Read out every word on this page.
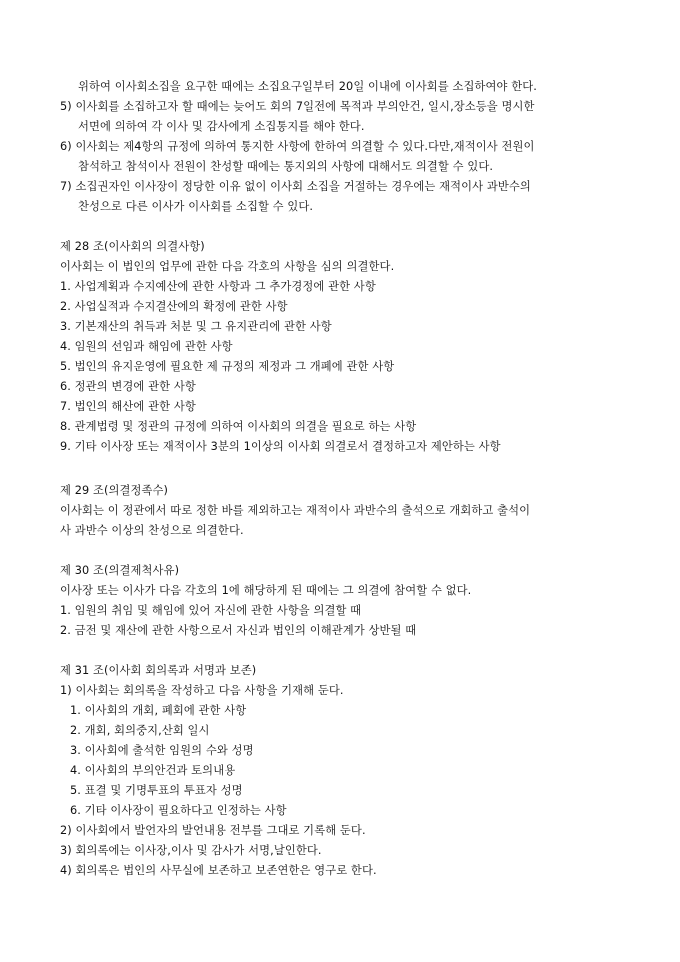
위하여 이사회소집을 요구한 때에는 소집요구일부터 20일 이내에 이사회를 소집하여야 한다.
5) 이사회를 소집하고자 할 때에는 늦어도 회의 7일전에 목적과 부의안건, 일시,장소등을 명시한
서면에 의하여 각 이사 및 감사에게 소집통지를 해야 한다.
6) 이사회는 제4항의 규정에 의하여 통지한 사항에 한하여 의결할 수 있다.다만,재적이사 전원이
참석하고 참석이사 전원이 찬성할 때에는 통지외의 사항에 대해서도 의결할 수 있다.
7) 소집권자인 이사장이 정당한 이유 없이 이사회 소집을 거절하는 경우에는 재적이사 과반수의
찬성으로 다른 이사가 이사회를 소집할 수 있다.
제 28 조(이사회의 의결사항)
이사회는 이 법인의 업무에 관한 다음 각호의 사항을 심의 의결한다.
1. 사업계획과 수지예산에 관한 사항과 그 추가경정에 관한 사항
2. 사업실적과 수지결산에의 확정에 관한 사항
3. 기본재산의 취득과 처분 및 그 유지관리에 관한 사항
4. 임원의 선임과 해임에 관한 사항
5. 법인의 유지운영에 필요한 제 규정의 제정과 그 개폐에 관한 사항
6. 정관의 변경에 관한 사항
7. 법인의 해산에 관한 사항
8. 관계법령 및 정관의 규정에 의하여 이사회의 의결을 필요로 하는 사항
9. 기타 이사장 또는 재적이사 3분의 1이상의 이사회 의결로서 결정하고자 제안하는 사항
제 29 조(의결정족수)
이사회는 이 정관에서 따로 정한 바를 제외하고는 재적이사 과반수의 출석으로 개회하고 출석이
사 과반수 이상의 찬성으로 의결한다.
제 30 조(의결제척사유)
이사장 또는 이사가 다음 각호의 1에 해당하게 된 때에는 그 의결에 참여할 수 없다.
1. 임원의 취임 및 해임에 있어 자신에 관한 사항을 의결할 때
2. 금전 및 재산에 관한 사항으로서 자신과 법인의 이해관계가 상반될 때
제 31 조(이사회 회의록과 서명과 보존)
1) 이사회는 회의록을 작성하고 다음 사항을 기재해 둔다.
1. 이사회의 개회, 폐회에 관한 사항
2. 개회, 회의중지,산회 일시
3. 이사회에 출석한 임원의 수와 성명
4. 이사회의 부의안건과 토의내용
5. 표결 및 기명투표의 투표자 성명
6. 기타 이사장이 필요하다고 인정하는 사항
2) 이사회에서 발언자의 발언내용 전부를 그대로 기록해 둔다.
3) 회의록에는 이사장,이사 및 감사가 서명,날인한다.
4) 회의록은 법인의 사무실에 보존하고 보존연한은 영구로 한다.
